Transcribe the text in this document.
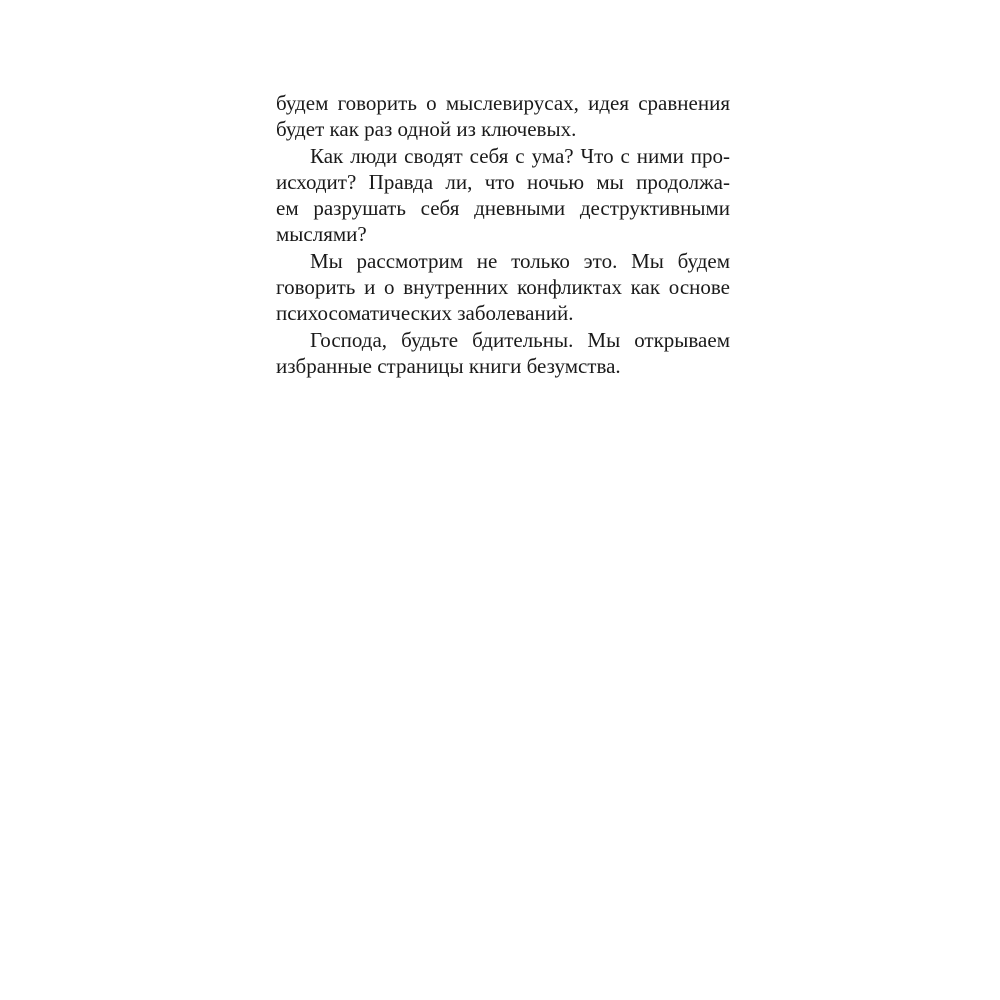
будем говорить о мыслевирусах, идея сравнения
будет как раз одной из ключевых.
Как люди сводят себя с ума? Что с ними про-
исходит? Правда ли, что ночью мы продолжа-
ем разрушать себя дневными деструктивными
мыслями?
Мы рассмотрим не только это. Мы будем
говорить и о внутренних конфликтах как основе
психосоматических заболеваний.
Господа, будьте бдительны. Мы открываем
избранные страницы книги безумства.
